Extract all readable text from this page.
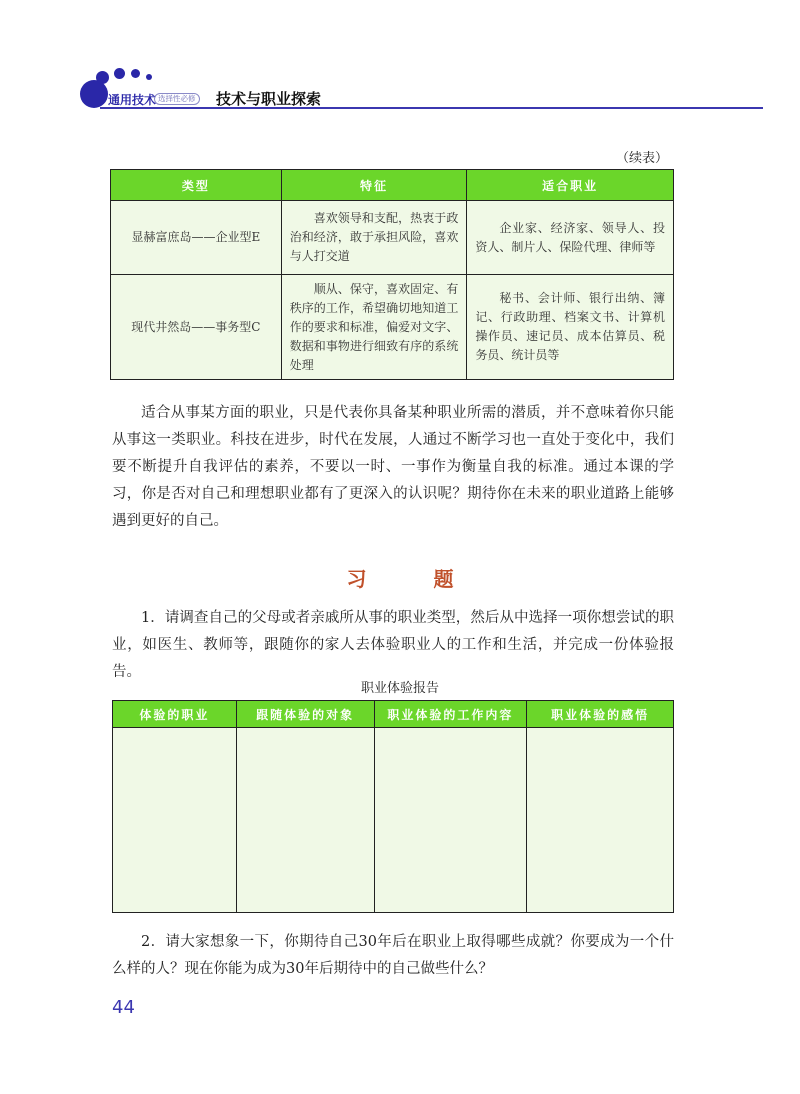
通用技术 选择性必修 技术与职业探索
（续表）
类型	特征	适合职业
显赫富庶岛——企业型E	喜欢领导和支配，热衷于政治和经济，敢于承担风险，喜欢与人打交道	企业家、经济家、领导人、投资人、制片人、保险代理、律师等
现代井然岛——事务型C	顺从、保守，喜欢固定、有秩序的工作，希望确切地知道工作的要求和标准，偏爱对文字、数据和事物进行细致有序的系统处理	秘书、会计师、银行出纳、簿记、行政助理、档案文书、计算机操作员、速记员、成本估算员、税务员、统计员等
适合从事某方面的职业，只是代表你具备某种职业所需的潜质，并不意味着你只能从事这一类职业。科技在进步，时代在发展，人通过不断学习也一直处于变化中，我们要不断提升自我评估的素养，不要以一时、一事作为衡量自我的标准。通过本课的学习，你是否对自己和理想职业都有了更深入的认识呢？期待你在未来的职业道路上能够遇到更好的自己。
习 题
1．请调查自己的父母或者亲戚所从事的职业类型，然后从中选择一项你想尝试的职业，如医生、教师等，跟随你的家人去体验职业人的工作和生活，并完成一份体验报告。
职业体验报告
体验的职业	跟随体验的对象	职业体验的工作内容	职业体验的感悟

2．请大家想象一下，你期待自己30年后在职业上取得哪些成就？你要成为一个什么样的人？现在你能为成为30年后期待中的自己做些什么？
44
